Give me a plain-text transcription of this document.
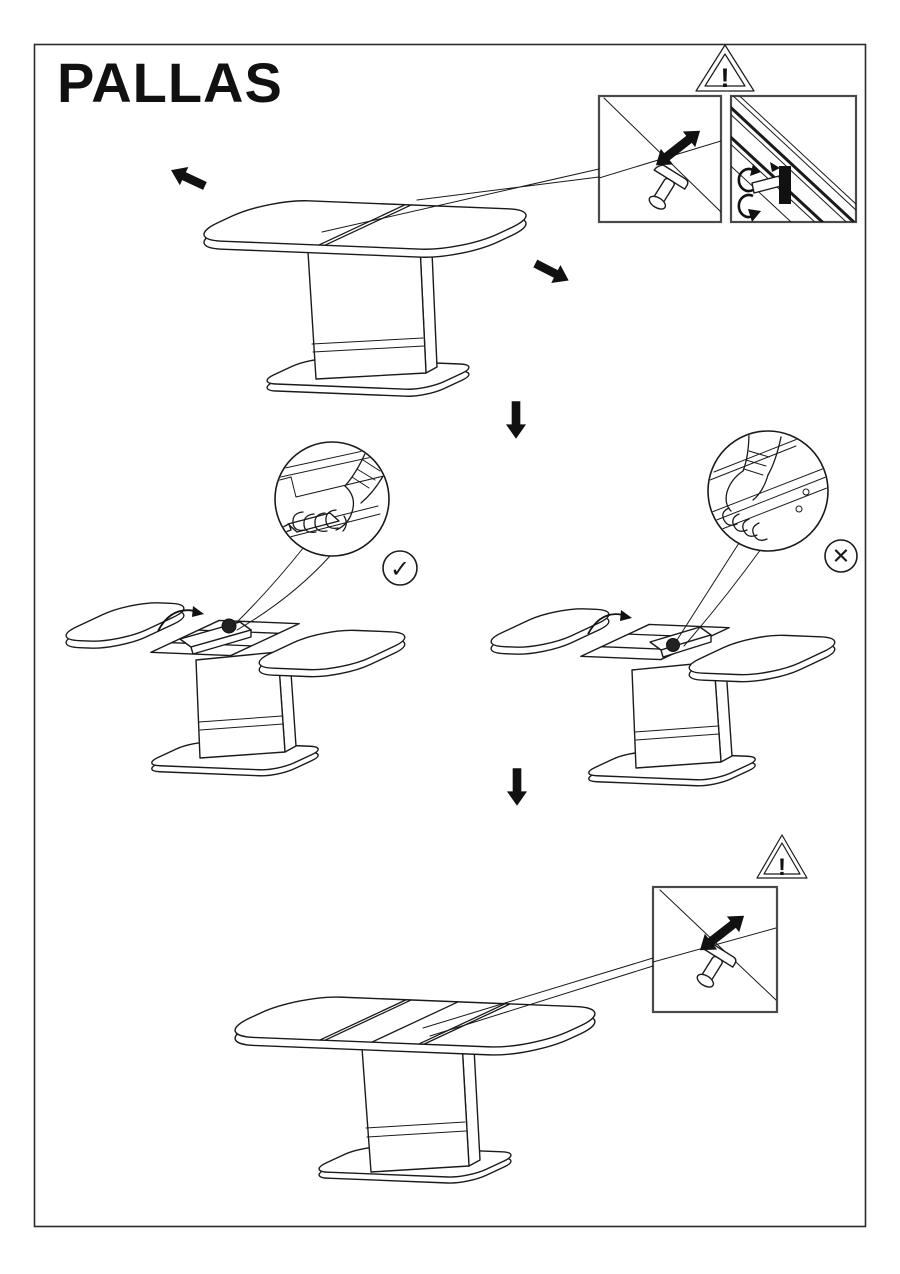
PALLAS	!
✓	✕
!
